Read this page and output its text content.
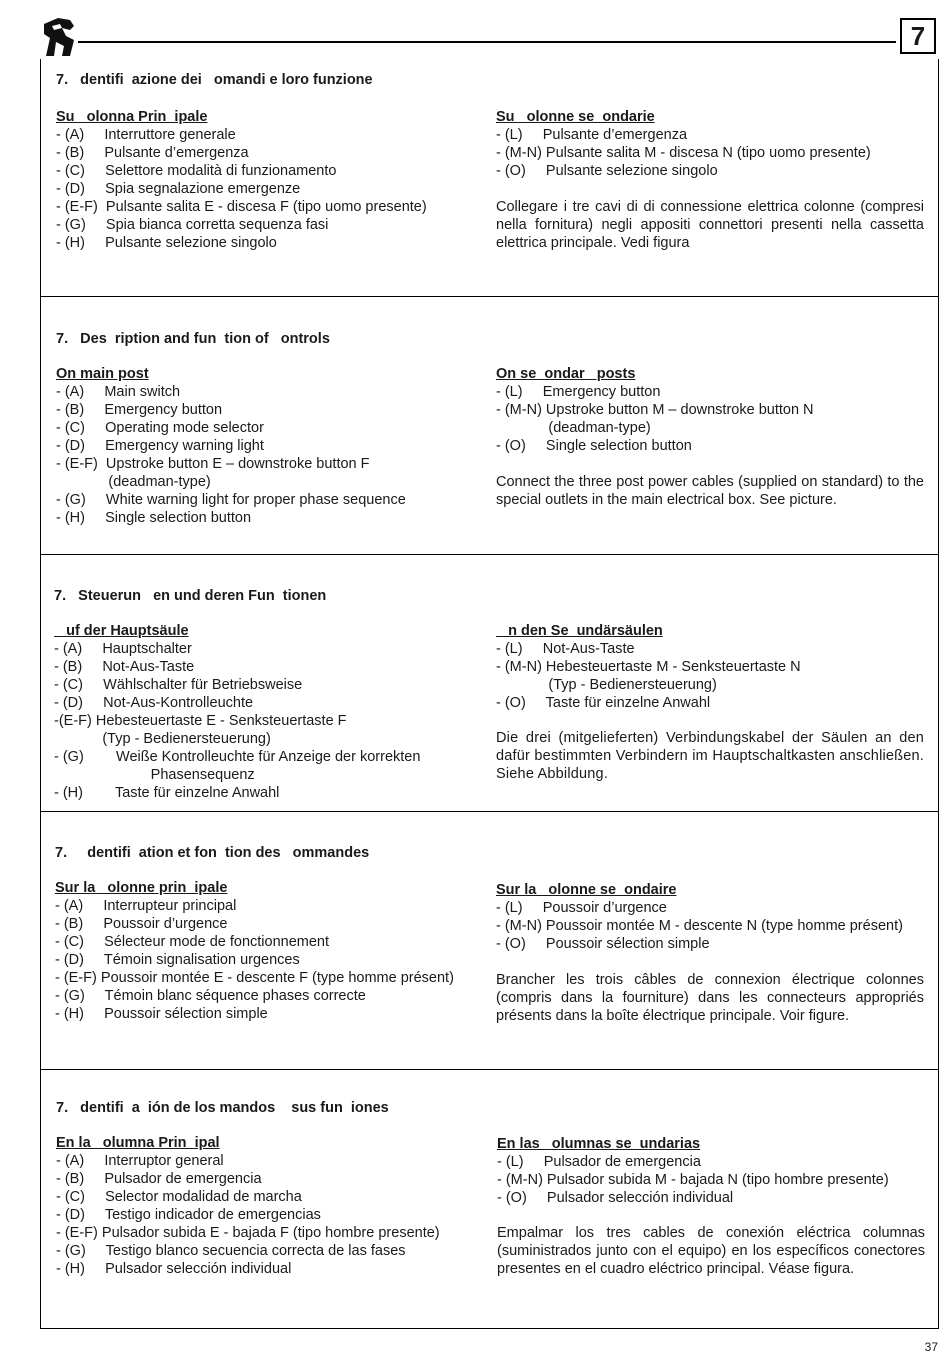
7
7.   dentifi  azione dei   omandi e loro funzione
Su   olonna Prin  ipale
- (A)     Interruttore generale
- (B)     Pulsante d’emergenza
- (C)     Selettore modalità di funzionamento
- (D)     Spia segnalazione emergenze
- (E-F)  Pulsante salita E - discesa F (tipo uomo presente)
- (G)     Spia bianca corretta sequenza fasi
- (H)     Pulsante selezione singolo
Su   olonne se  ondarie
- (L)     Pulsante d’emergenza
- (M-N) Pulsante salita M - discesa N (tipo uomo presente)
- (O)     Pulsante selezione singolo
Collegare i tre cavi di di connessione elettrica colonne (compresi nella fornitura) negli appositi connettori presenti nella cassetta elettrica principale. Vedi figura
7.   Des  ription and fun  tion of   ontrols
On main post
- (A)     Main switch
- (B)     Emergency button
- (C)     Operating mode selector
- (D)     Emergency warning light
- (E-F)  Upstroke button E – downstroke button F
(deadman-type)
- (G)     White warning light for proper phase sequence
- (H)     Single selection button
On se  ondar   posts
- (L)     Emergency button
- (M-N) Upstroke button M – downstroke button N
(deadman-type)
- (O)     Single selection button
Connect the three post power cables (supplied on standard) to the special outlets in the main electrical box. See picture.
7.   Steuerun   en und deren Fun  tionen
uf der Hauptsäule
- (A)     Hauptschalter
- (B)     Not-Aus-Taste
- (C)     Wählschalter für Betriebsweise
- (D)     Not-Aus-Kontrolleuchte
-(E-F) Hebesteuertaste E - Senksteuertaste F
(Typ - Bedienersteuerung)
- (G)        Weiße Kontrolleuchte für Anzeige der korrekten
Phasensequenz
- (H)        Taste für einzelne Anwahl
n den Se  undärsäulen
- (L)     Not-Aus-Taste
- (M-N) Hebesteuertaste M - Senksteuertaste N
(Typ - Bedienersteuerung)
- (O)     Taste für einzelne Anwahl
Die drei (mitgelieferten) Verbindungskabel der Säulen an den dafür bestimmten Verbindern im Hauptschaltkasten anschließen. Siehe Abbildung.
7.     dentifi  ation et fon  tion des   ommandes
Sur la   olonne prin  ipale
- (A)     Interrupteur principal
- (B)     Poussoir d’urgence
- (C)     Sélecteur mode de fonctionnement
- (D)     Témoin signalisation urgences
- (E-F) Poussoir montée E - descente F (type homme présent)
- (G)     Témoin blanc séquence phases correcte
- (H)     Poussoir sélection simple
Sur la   olonne se  ondaire
- (L)     Poussoir d’urgence
- (M-N) Poussoir montée M - descente N (type homme présent)
- (O)     Poussoir sélection simple
Brancher les trois câbles de connexion électrique colonnes (compris dans la fourniture) dans les connecteurs appropriés présents dans la boîte électrique principale. Voir figure.
7.   dentifi  a  ión de los mandos    sus fun  iones
En la   olumna Prin  ipal
- (A)     Interruptor general
- (B)     Pulsador de emergencia
- (C)     Selector modalidad de marcha
- (D)     Testigo indicador de emergencias
- (E-F) Pulsador subida E - bajada F (tipo hombre presente)
- (G)     Testigo blanco secuencia correcta de las fases
- (H)     Pulsador selección individual
En las   olumnas se  undarias
- (L)     Pulsador de emergencia
- (M-N) Pulsador subida M - bajada N (tipo hombre presente)
- (O)     Pulsador selección individual
Empalmar los tres cables de conexión eléctrica columnas (suministrados junto con el equipo) en los específicos conectores presentes en el cuadro eléctrico principal. Véase figura.
37
